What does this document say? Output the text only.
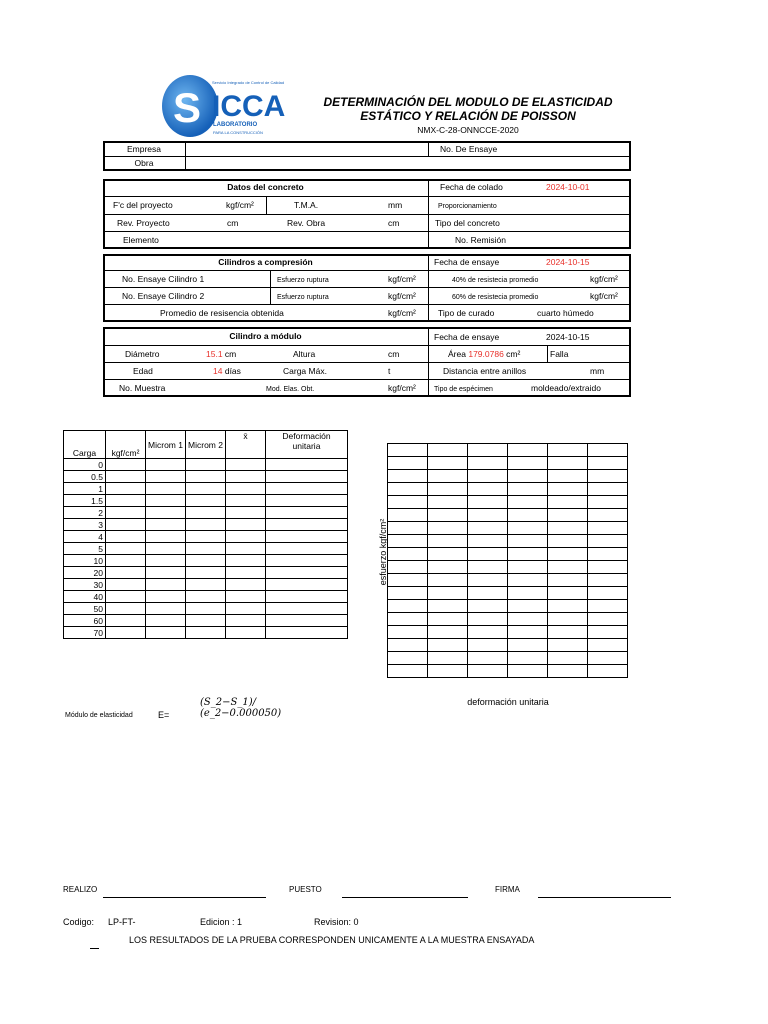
S ICCA
Servicio Integrado de Control de Calidad
LABORATORIO
PARA LA CONSTRUCCIÓN
DETERMINACIÓN DEL MODULO DE ELASTICIDAD
ESTÁTICO Y RELACIÓN DE POISSON
NMX-C-28-ONNCCE-2020
Empresa
Obra
No. De Ensaye
Datos del concreto	Fecha de colado	2024-10-01
F'c del proyecto	kgf/cm²	T.M.A.	mm	Proporcionamiento
Rev. Proyecto	cm	Rev. Obra	cm	Tipo del concreto
Elemento	No. Remisión
Cilindros a compresión	Fecha de ensaye	2024-10-15
No. Ensaye Cilindro 1	Esfuerzo ruptura	kgf/cm²	40% de resistecia promedio	kgf/cm²
No. Ensaye Cilindro 2	Esfuerzo ruptura	kgf/cm²	60% de resistecia promedio	kgf/cm²
Promedio de resisencia obtenida	kgf/cm²	Tipo de curado	cuarto húmedo
Cilindro a módulo	Fecha de ensaye	2024-10-15
Diámetro	15.1 cm	Altura	cm	Área 179.0786 cm²	Falla
Edad	14 días	Carga Máx.	t	Distancia entre anillos	mm
No. Muestra	Mod. Elas. Obt.	kgf/cm²	Tipo de espécimen	moldeado/extraido
Carga	kgf/cm²	Microm 1	Microm 2	x̄	Deformación unitaria
0					
0.5					
1					
1.5					
2					
3					
4					
5					
10					
20					
30					
40					
50					
60					
70					

esfuerzo kgf/cm²
deformación unitaria
Módulo de elasticidad	E=
(S_2−S_1)/
(e_2−0.000050)
REALIZO	PUESTO	FIRMA
Codigo: LP-FT-	Edicion : 1	Revision: 0
LOS RESULTADOS DE LA PRUEBA CORRESPONDEN UNICAMENTE A LA MUESTRA ENSAYADA
